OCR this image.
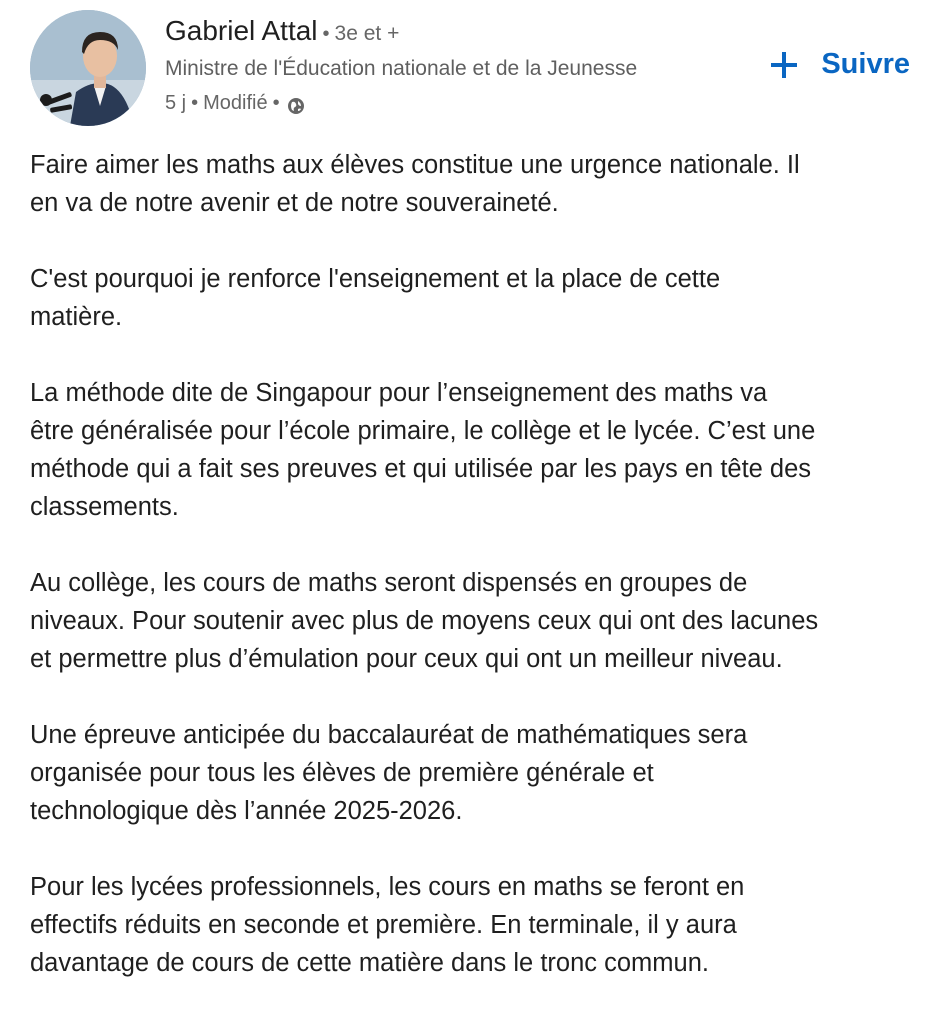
Gabriel Attal • 3e et +
Ministre de l'Éducation nationale et de la Jeunesse
5 j • Modifié •
Suivre

Faire aimer les maths aux élèves constitue une urgence nationale. Il
en va de notre avenir et de notre souveraineté.

C'est pourquoi je renforce l'enseignement et la place de cette
matière.

La méthode dite de Singapour pour l’enseignement des maths va
être généralisée pour l’école primaire, le collège et le lycée. C’est une
méthode qui a fait ses preuves et qui utilisée par les pays en tête des
classements.

Au collège, les cours de maths seront dispensés en groupes de
niveaux. Pour soutenir avec plus de moyens ceux qui ont des lacunes
et permettre plus d’émulation pour ceux qui ont un meilleur niveau.

Une épreuve anticipée du baccalauréat de mathématiques sera
organisée pour tous les élèves de première générale et
technologique dès l’année 2025-2026.

Pour les lycées professionnels, les cours en maths se feront en
effectifs réduits en seconde et première. En terminale, il y aura
davantage de cours de cette matière dans le tronc commun.
